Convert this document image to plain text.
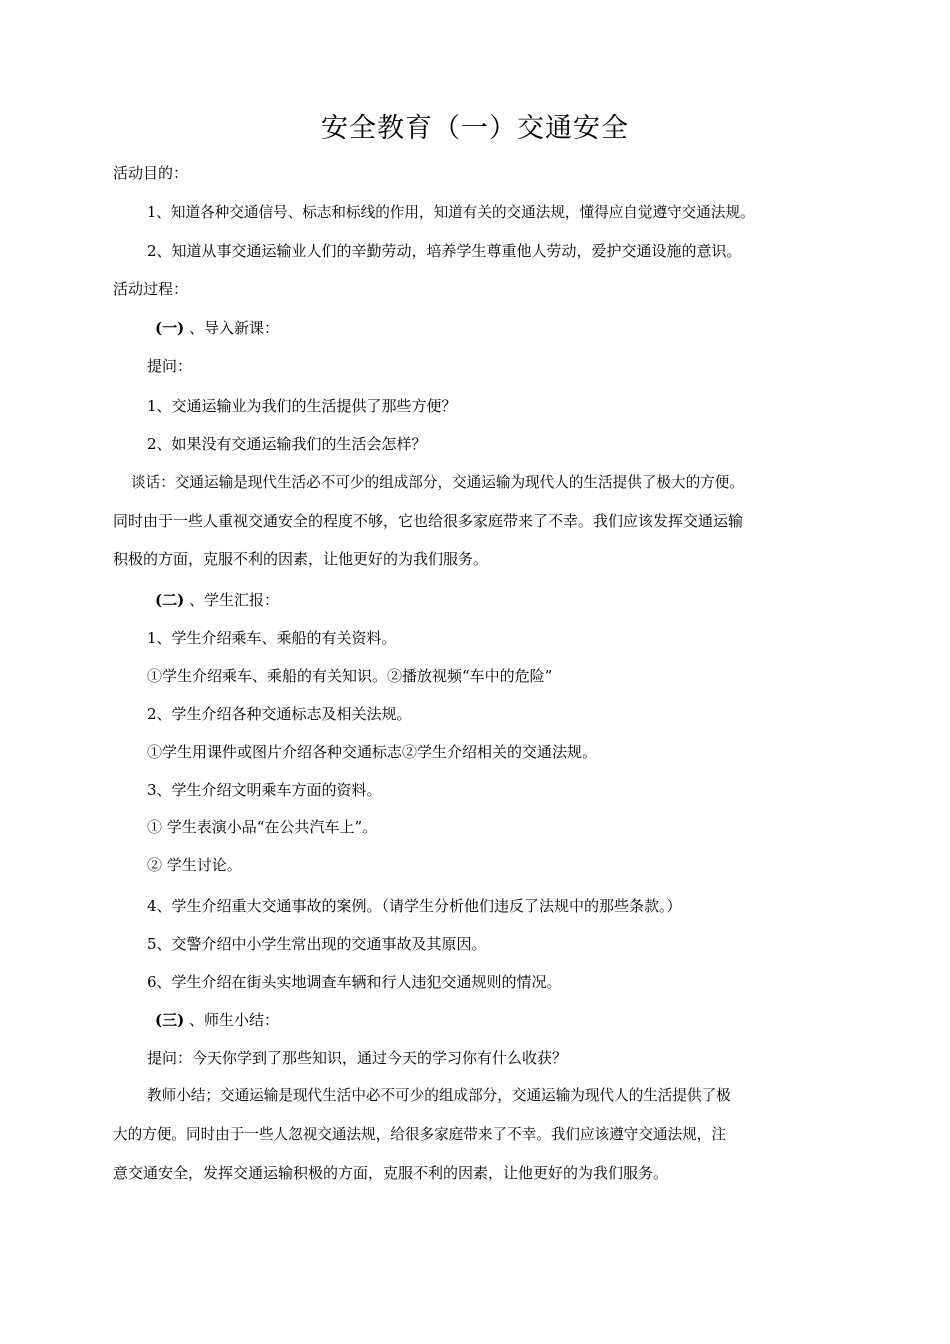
安全教育（一）交通安全
活动目的：
1、知道各种交通信号、标志和标线的作用，知道有关的交通法规，懂得应自觉遵守交通法规。
2、知道从事交通运输业人们的辛勤劳动，培养学生尊重他人劳动，爱护交通设施的意识。
活动过程：
(一) 、导入新课：
提问：
1、交通运输业为我们的生活提供了那些方便？
2、如果没有交通运输我们的生活会怎样？
谈话：交通运输是现代生活必不可少的组成部分，交通运输为现代人的生活提供了极大的方便。
同时由于一些人重视交通安全的程度不够，它也给很多家庭带来了不幸。我们应该发挥交通运输
积极的方面，克服不利的因素，让他更好的为我们服务。
(二) 、学生汇报：
1、学生介绍乘车、乘船的有关资料。
①学生介绍乘车、乘船的有关知识。②播放视频“车中的危险”
2、学生介绍各种交通标志及相关法规。
①学生用课件或图片介绍各种交通标志②学生介绍相关的交通法规。
3、学生介绍文明乘车方面的资料。
① 学生表演小品“在公共汽车上”。
② 学生讨论。
4、学生介绍重大交通事故的案例。（请学生分析他们违反了法规中的那些条款。）
5、交警介绍中小学生常出现的交通事故及其原因。
6、学生介绍在街头实地调查车辆和行人违犯交通规则的情况。
(三) 、师生小结：
提问：今天你学到了那些知识，通过今天的学习你有什么收获？
教师小结；交通运输是现代生活中必不可少的组成部分，交通运输为现代人的生活提供了极
大的方便。同时由于一些人忽视交通法规，给很多家庭带来了不幸。我们应该遵守交通法规，注
意交通安全，发挥交通运输积极的方面，克服不利的因素，让他更好的为我们服务。
